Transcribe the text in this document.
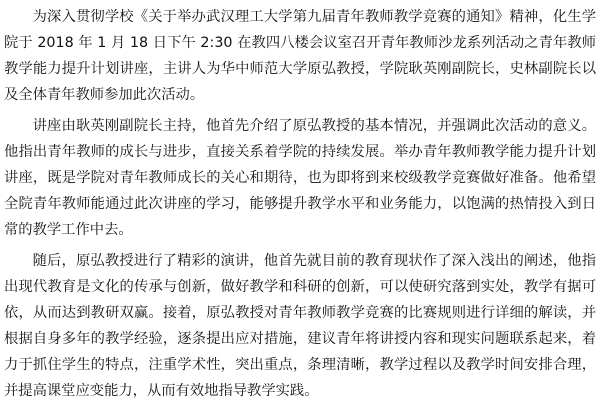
为深入贯彻学校《关于举办武汉理工大学第九届青年教师教学竞赛的通知》精神，化生学院于 2018 年 1 月 18 日下午 2:30 在教四八楼会议室召开青年教师沙龙系列活动之青年教师教学能力提升计划讲座，主讲人为华中师范大学原弘教授，学院耿英刚副院长，史林副院长以及全体青年教师参加此次活动。

讲座由耿英刚副院长主持，他首先介绍了原弘教授的基本情况，并强调此次活动的意义。他指出青年教师的成长与进步，直接关系着学院的持续发展。举办青年教师教学能力提升计划讲座，既是学院对青年教师成长的关心和期待，也为即将到来校级教学竞赛做好准备。他希望全院青年教师能通过此次讲座的学习，能够提升教学水平和业务能力，以饱满的热情投入到日常的教学工作中去。

随后，原弘教授进行了精彩的演讲，他首先就目前的教育现状作了深入浅出的阐述，他指出现代教育是文化的传承与创新，做好教学和科研的创新，可以使研究落到实处，教学有据可依，从而达到教研双赢。接着，原弘教授对青年教师教学竞赛的比赛规则进行详细的解读，并根据自身多年的教学经验，逐条提出应对措施，建议青年将讲授内容和现实问题联系起来，着力于抓住学生的特点，注重学术性，突出重点，条理清晰，教学过程以及教学时间安排合理，并提高课堂应变能力，从而有效地指导教学实践。
